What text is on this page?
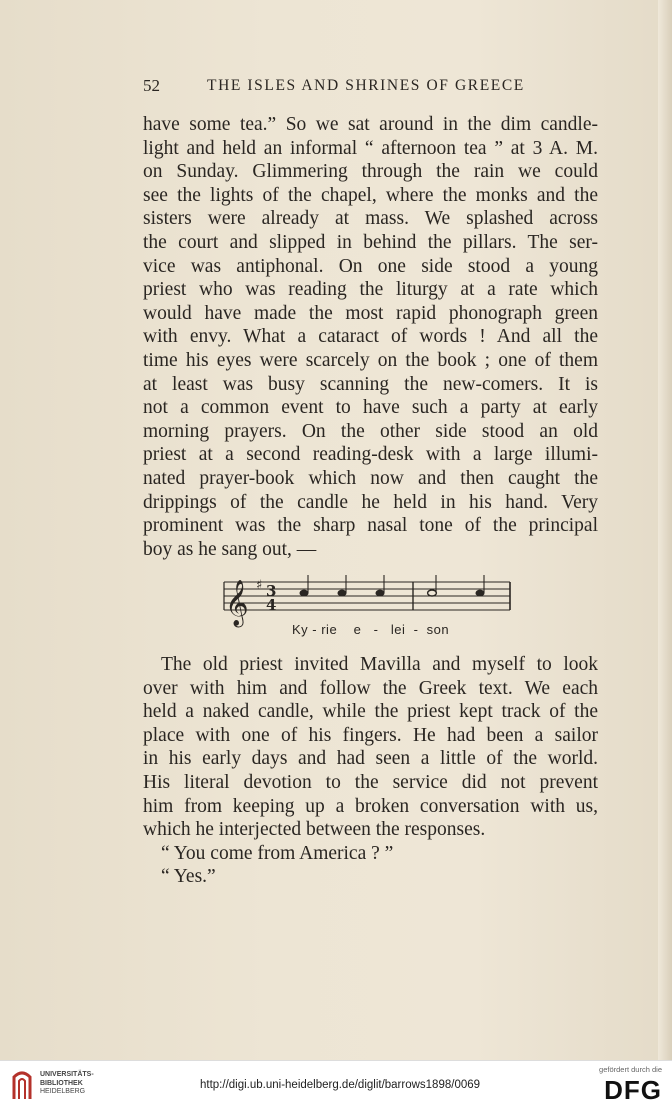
52	THE ISLES AND SHRINES OF GREECE
have some tea.” So we sat around in the dim candle-
light and held an informal “ afternoon tea ” at 3 A. M.
on Sunday. Glimmering through the rain we could
see the lights of the chapel, where the monks and the
sisters were already at mass. We splashed across
the court and slipped in behind the pillars. The ser-
vice was antiphonal. On one side stood a young
priest who was reading the liturgy at a rate which
would have made the most rapid phonograph green
with envy. What a cataract of words ! And all the
time his eyes were scarcely on the book ; one of them
at least was busy scanning the new-comers. It is
not a common event to have such a party at early
morning prayers. On the other side stood an old
priest at a second reading-desk with a large illumi-
nated prayer-book which now and then caught the
drippings of the candle he held in his hand. Very
prominent was the sharp nasal tone of the principal
boy as he sang out, —
𝄞 ♯ 3
4
Ky - rie    e   -   lei  -  son
The old priest invited Mavilla and myself to look
over with him and follow the Greek text. We each
held a naked candle, while the priest kept track of the
place with one of his fingers. He had been a sailor
in his early days and had seen a little of the world.
His literal devotion to the service did not prevent
him from keeping up a broken conversation with us,
which he interjected between the responses.
“ You come from America ? ”
“ Yes.”
UNIVERSITÄTS-
BIBLIOTHEK
HEIDELBERG
http://digi.ub.uni-heidelberg.de/diglit/barrows1898/0069
gefördert durch die
DFG
